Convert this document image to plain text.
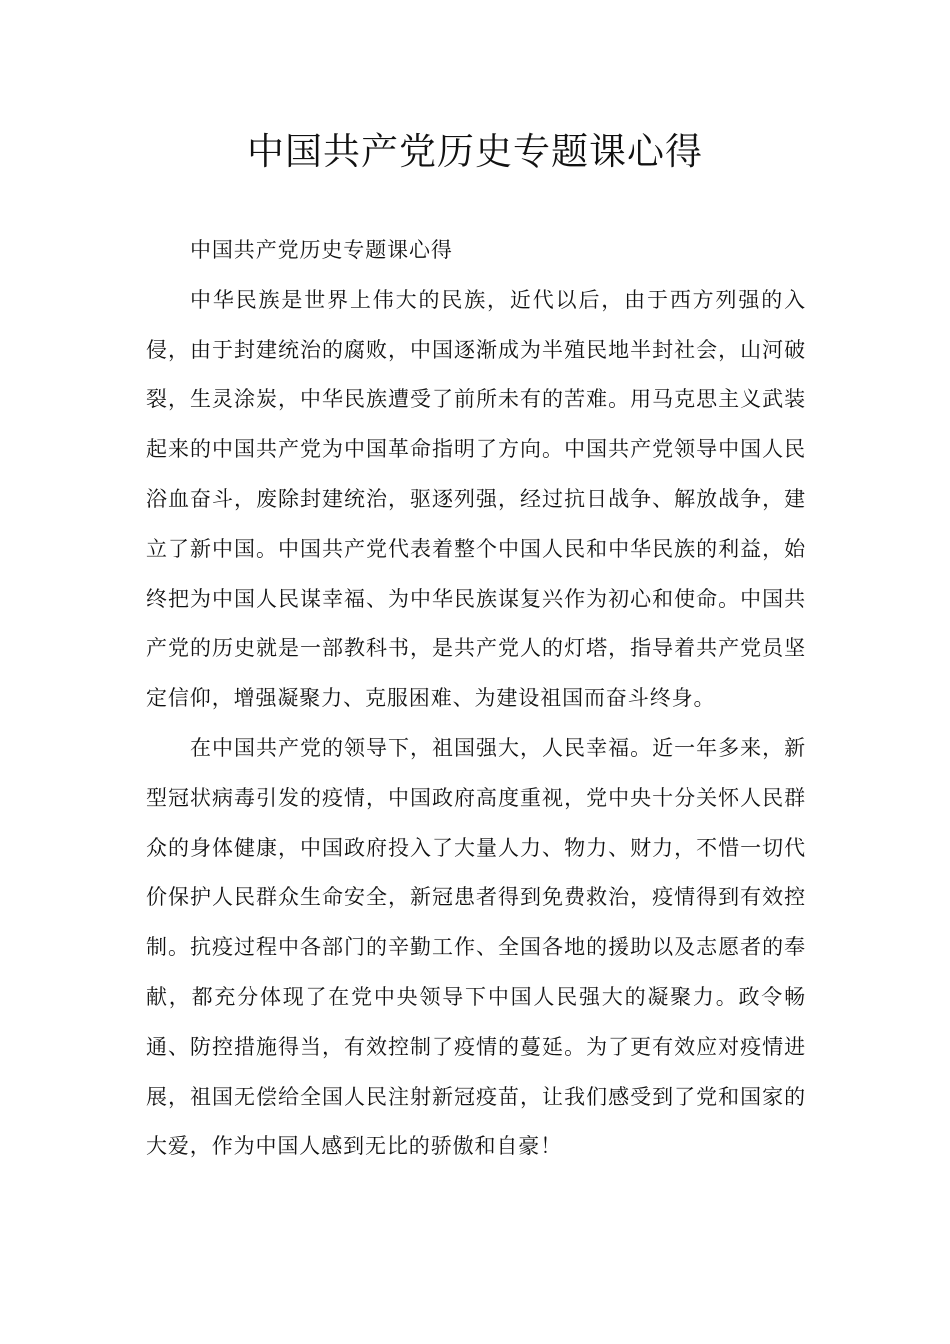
中国共产党历史专题课心得

中国共产党历史专题课心得

中华民族是世界上伟大的民族，近代以后，由于西方列强的入侵，由于封建统治的腐败，中国逐渐成为半殖民地半封社会，山河破裂，生灵涂炭，中华民族遭受了前所未有的苦难。用马克思主义武装起来的中国共产党为中国革命指明了方向。中国共产党领导中国人民浴血奋斗，废除封建统治，驱逐列强，经过抗日战争、解放战争，建立了新中国。中国共产党代表着整个中国人民和中华民族的利益，始终把为中国人民谋幸福、为中华民族谋复兴作为初心和使命。中国共产党的历史就是一部教科书，是共产党人的灯塔，指导着共产党员坚定信仰，增强凝聚力、克服困难、为建设祖国而奋斗终身。

在中国共产党的领导下，祖国强大，人民幸福。近一年多来，新型冠状病毒引发的疫情，中国政府高度重视，党中央十分关怀人民群众的身体健康，中国政府投入了大量人力、物力、财力，不惜一切代价保护人民群众生命安全，新冠患者得到免费救治，疫情得到有效控制。抗疫过程中各部门的辛勤工作、全国各地的援助以及志愿者的奉献，都充分体现了在党中央领导下中国人民强大的凝聚力。政令畅通、防控措施得当，有效控制了疫情的蔓延。为了更有效应对疫情进展，祖国无偿给全国人民注射新冠疫苗，让我们感受到了党和国家的大爱，作为中国人感到无比的骄傲和自豪！
